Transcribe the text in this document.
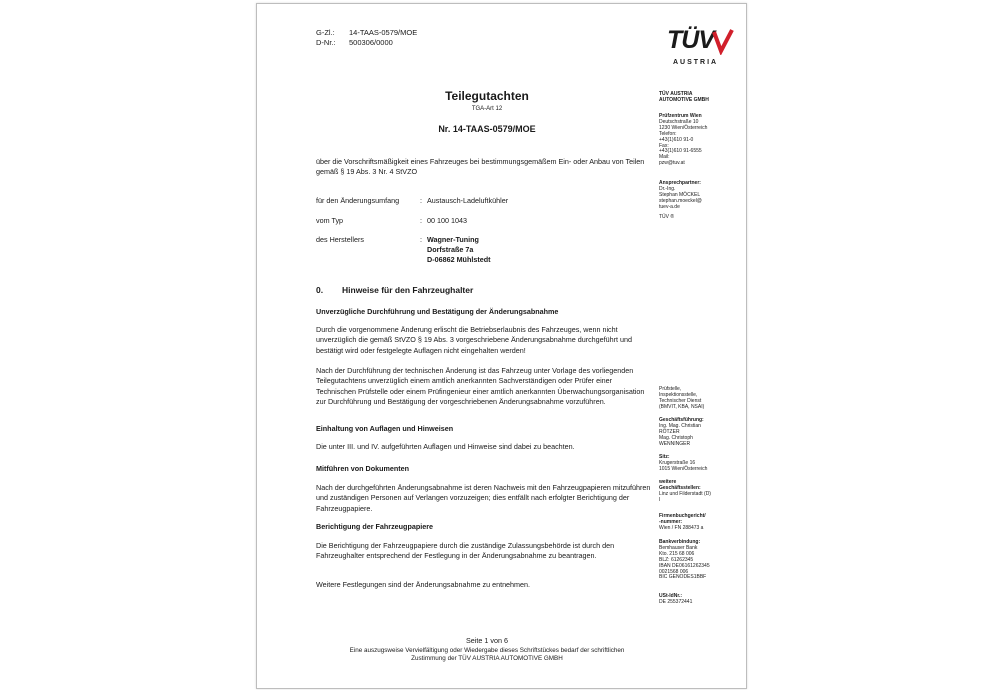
G-Zl.: 14-TAAS-0579/MOE
D-Nr.: 500306/0000	TÜV
AUSTRIA
Teilegutachten
TGA-Art 12
Nr. 14-TAAS-0579/MOE
über die Vorschriftsmäßigkeit eines Fahrzeuges bei bestimmungsgemäßem Ein- oder Anbau von Teilen gemäß § 19 Abs. 3 Nr. 4 StVZO
für den Änderungsumfang	: Austausch-Ladeluftkühler
vom Typ	: 00 100 1043
des Herstellers	: Wagner-Tuning
Dorfstraße 7a
D-06862 Mühlstedt
0. Hinweise für den Fahrzeughalter
Unverzügliche Durchführung und Bestätigung der Änderungsabnahme
Durch die vorgenommene Änderung erlischt die Betriebserlaubnis des Fahrzeuges, wenn nicht unverzüglich die gemäß StVZO § 19 Abs. 3 vorgeschriebene Änderungsabnahme durchgeführt und bestätigt wird oder festgelegte Auflagen nicht eingehalten werden!
Nach der Durchführung der technischen Änderung ist das Fahrzeug unter Vorlage des vorliegenden Teilegutachtens unverzüglich einem amtlich anerkannten Sachverständigen oder Prüfer einer Technischen Prüfstelle oder einem Prüfingenieur einer amtlich anerkannten Überwachungsorganisation zur Durchführung und Bestätigung der vorgeschriebenen Änderungsabnahme vorzuführen.
Einhaltung von Auflagen und Hinweisen
Die unter III. und IV. aufgeführten Auflagen und Hinweise sind dabei zu beachten.
Mitführen von Dokumenten
Nach der durchgeführten Änderungsabnahme ist deren Nachweis mit den Fahrzeugpapieren mitzuführen und zuständigen Personen auf Verlangen vorzuzeigen; dies entfällt nach erfolgter Berichtigung der Fahrzeugpapiere.
Berichtigung der Fahrzeugpapiere
Die Berichtigung der Fahrzeugpapiere durch die zuständige Zulassungsbehörde ist durch den Fahrzeughalter entsprechend der Festlegung in der Änderungsabnahme zu beantragen.
Weitere Festlegungen sind der Änderungsabnahme zu entnehmen.
TÜV AUSTRIA
AUTOMOTIVE GMBH
Prüfzentrum Wien
Deutschstraße 10
1230 Wien/Österreich
Telefon:
+43(1)610 91-0
Fax:
+43(1)610 91-6555
Mail:
pzw@tuv.at
Ansprechpartner:
Dr.-Ing.
Stephan MÖCKEL
stephan.moeckel@
tuev-a.de
TÜV ®
Prüfstelle,
Inspektionsstelle,
Technischer Dienst
(BMVIT, KBA, NSAI)
Geschäftsführung:
Ing. Mag. Christian
RÖTZER
Mag. Christoph
WENNINGER
Sitz:
Krugerstraße 16
1015 Wien/Österreich
weitere
Geschäftsstellen:
Linz und Filderstadt (D)
I
Firmenbuchgericht/
-nummer:
Wien / FN 288473 a
Bankverbindung:
Bemhauser Bank
Kto. 215 68 006
BLZ: 61262345
IBAN DE06161262345
0021568 006
BIC GENODES1BBF
USt-IdNr.:
DE 255372441
Seite 1 von 6
Eine auszugsweise Vervielfältigung oder Wiedergabe dieses Schriftstückes bedarf der schriftlichen Zustimmung der TÜV AUSTRIA AUTOMOTIVE GMBH
